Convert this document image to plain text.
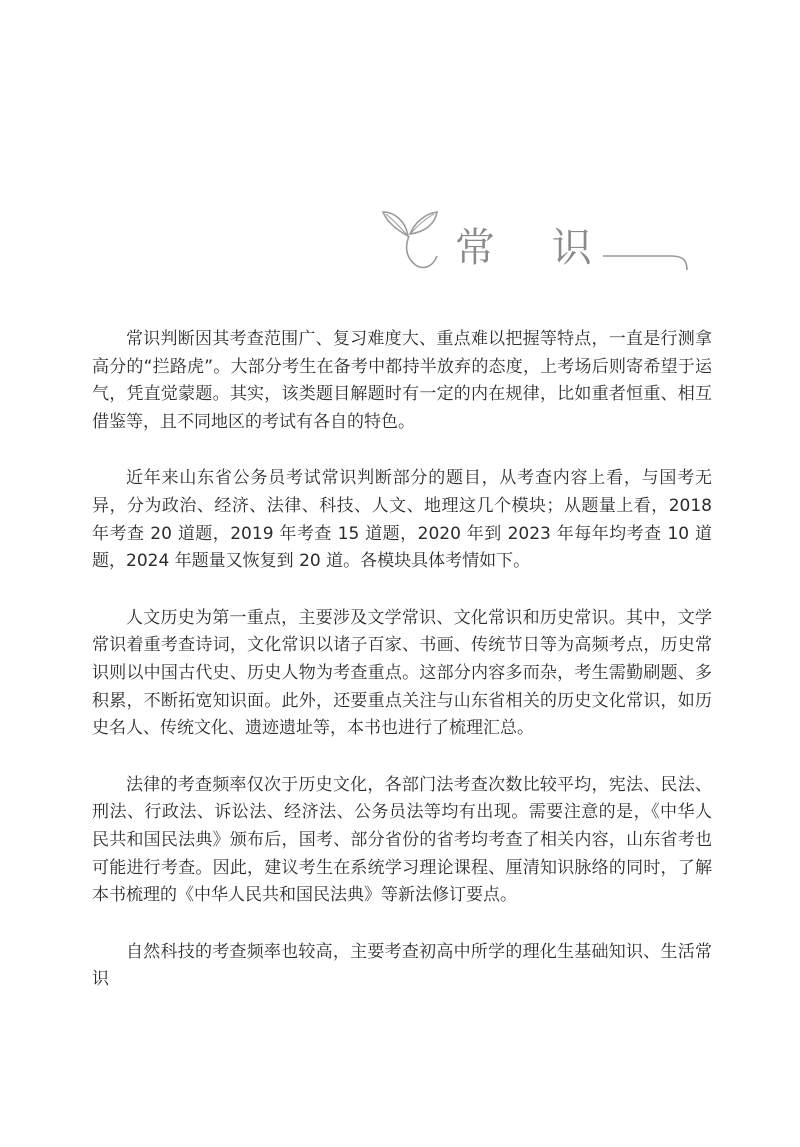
常 识

常识判断因其考查范围广、复习难度大、重点难以把握等特点，一直是行测拿高分的“拦路虎”。大部分考生在备考中都持半放弃的态度，上考场后则寄希望于运气，凭直觉蒙题。其实，该类题目解题时有一定的内在规律，比如重者恒重、相互借鉴等，且不同地区的考试有各自的特色。

近年来山东省公务员考试常识判断部分的题目，从考查内容上看，与国考无异，分为政治、经济、法律、科技、人文、地理这几个模块；从题量上看，2018 年考查 20 道题，2019 年考查 15 道题，2020 年到 2023 年每年均考查 10 道题，2024 年题量又恢复到 20 道。各模块具体考情如下。

人文历史为第一重点，主要涉及文学常识、文化常识和历史常识。其中，文学常识着重考查诗词，文化常识以诸子百家、书画、传统节日等为高频考点，历史常识则以中国古代史、历史人物为考查重点。这部分内容多而杂，考生需勤刷题、多积累，不断拓宽知识面。此外，还要重点关注与山东省相关的历史文化常识，如历史名人、传统文化、遗迹遗址等，本书也进行了梳理汇总。

法律的考查频率仅次于历史文化，各部门法考查次数比较平均，宪法、民法、刑法、行政法、诉讼法、经济法、公务员法等均有出现。需要注意的是，《中华人民共和国民法典》颁布后，国考、部分省份的省考均考查了相关内容，山东省考也可能进行考查。因此，建议考生在系统学习理论课程、厘清知识脉络的同时，了解本书梳理的《中华人民共和国民法典》等新法修订要点。

自然科技的考查频率也较高，主要考查初高中所学的理化生基础知识、生活常识
